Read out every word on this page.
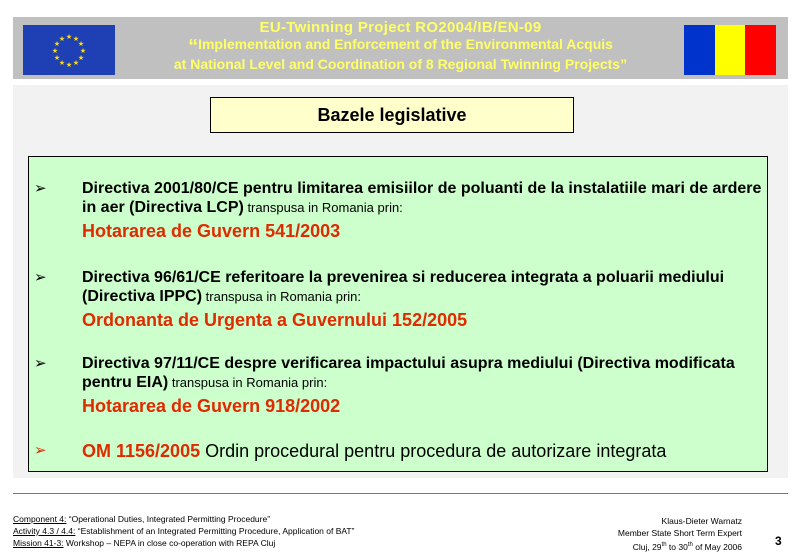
★ ★
★
★
★
★
★
★
★
★
★
★
EU-Twinning Project RO2004/IB/EN-09
“Implementation and Enforcement of the Environmental Acquis
at National Level and Coordination of 8 Regional Twinning Projects”
Bazele legislative
➢ Directiva 2001/80/CE pentru limitarea emisiilor de poluanti de la instalatiile mari de ardere in aer (Directiva LCP) transpusa in Romania prin:
Hotararea de Guvern 541/2003
➢ Directiva 96/61/CE referitoare la prevenirea si reducerea integrata a poluarii mediului (Directiva IPPC) transpusa in Romania prin:
Ordonanta de Urgenta a Guvernului 152/2005
➢ Directiva 97/11/CE despre verificarea impactului asupra mediului (Directiva modificata pentru EIA) transpusa in Romania prin:
Hotararea de Guvern 918/2002
➢ OM 1156/2005 Ordin procedural pentru procedura de autorizare integrata
Component 4: “Operational Duties, Integrated Permitting Procedure”
Activity 4.3 / 4.4: “Establishment of an Integrated Permitting Procedure, Application of BAT”
Mission 41-3: Workshop – NEPA in close co-operation with REPA Cluj
Klaus-Dieter Warnatz
Member State Short Term Expert
Cluj, 29th to 30th of May 2006	3
